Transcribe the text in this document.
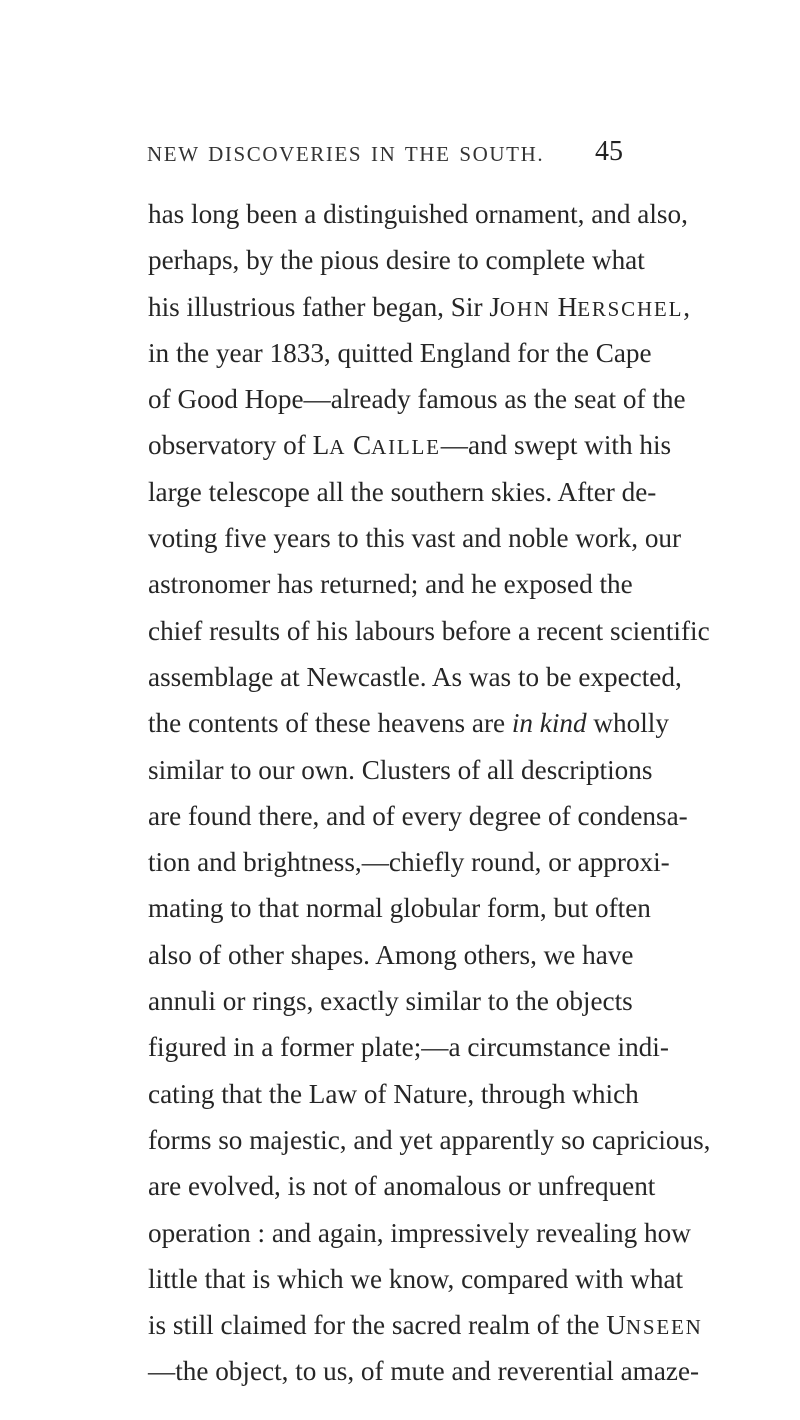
NEW DISCOVERIES IN THE SOUTH. 45
has long been a distinguished ornament, and also,
perhaps, by the pious desire to complete what
his illustrious father began, Sir JOHN HERSCHEL,
in the year 1833, quitted England for the Cape
of Good Hope—already famous as the seat of the
observatory of LA CAILLE—and swept with his
large telescope all the southern skies. After de-
voting five years to this vast and noble work, our
astronomer has returned; and he exposed the
chief results of his labours before a recent scientific
assemblage at Newcastle. As was to be expected,
the contents of these heavens are in kind wholly
similar to our own. Clusters of all descriptions
are found there, and of every degree of condensa-
tion and brightness,—chiefly round, or approxi-
mating to that normal globular form, but often
also of other shapes. Among others, we have
annuli or rings, exactly similar to the objects
figured in a former plate;—a circumstance indi-
cating that the Law of Nature, through which
forms so majestic, and yet apparently so capricious,
are evolved, is not of anomalous or unfrequent
operation : and again, impressively revealing how
little that is which we know, compared with what
is still claimed for the sacred realm of the UNSEEN
—the object, to us, of mute and reverential amaze-
